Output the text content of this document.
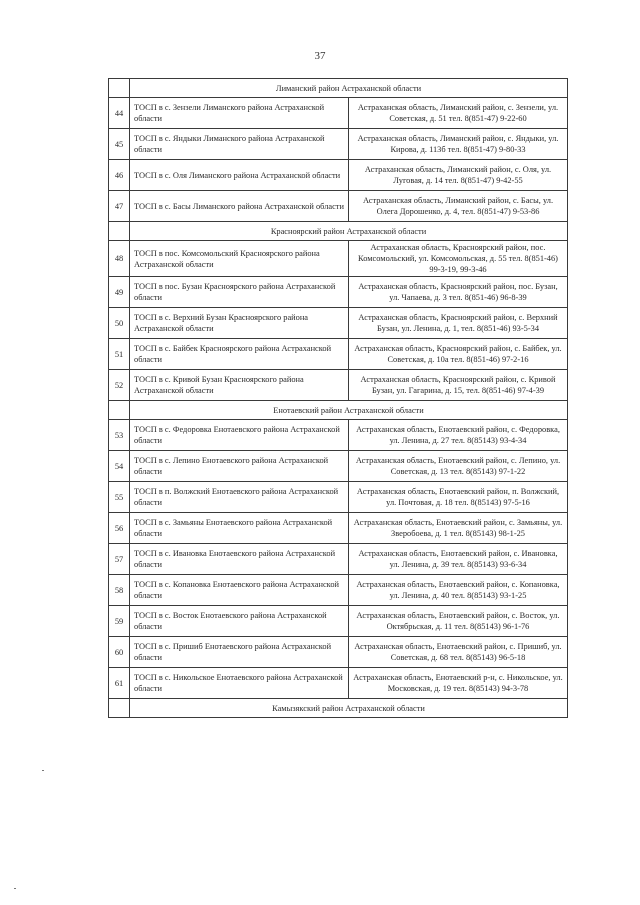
37
	Лиманский район Астраханской области	
44	ТОСП в с. Зензели Лиманского района Астраханской области	Астраханская область, Лиманский район, с. Зензели, ул. Советская, д. 51 тел. 8(851-47) 9-22-60
45	ТОСП в с. Яндыки Лиманского района Астраханской области	Астраханская область, Лиманский район, с. Яндыки, ул. Кирова, д. 113б тел. 8(851-47) 9-80-33
46	ТОСП в с. Оля Лиманского района Астраханской области	Астраханская область, Лиманский район, с. Оля, ул. Луговая, д. 14 тел. 8(851-47) 9-42-55
47	ТОСП в с. Басы Лиманского района Астраханской области	Астраханская область, Лиманский район, с. Басы, ул. Олега Дорошенко, д. 4, тел. 8(851-47) 9-53-86
	Красноярский район Астраханской области	
48	ТОСП в пос. Комсомольский Красноярского района Астраханской области	Астраханская область, Красноярский район, пос. Комсомольский, ул. Комсомольская, д. 55 тел. 8(851-46) 99-3-19, 99-3-46
49	ТОСП в пос. Бузан Красноярского района Астраханской области	Астраханская область, Красноярский район, пос. Бузан, ул. Чапаева, д. 3 тел. 8(851-46) 96-8-39
50	ТОСП в с. Верхний Бузан Красноярского района Астраханской области	Астраханская область, Красноярский район, с. Верхний Бузан, ул. Ленина, д. 1, тел. 8(851-46) 93-5-34
51	ТОСП в с. Байбек Красноярского района Астраханской области	Астраханская область, Красноярский район, с. Байбек, ул. Советская, д. 10а тел. 8(851-46) 97-2-16
52	ТОСП в с. Кривой Бузан Красноярского района Астраханской области	Астраханская область, Красноярский район, с. Кривой Бузан, ул. Гагарина, д. 15, тел. 8(851-46) 97-4-39
	Енотаевский район Астраханской области	
53	ТОСП в с. Федоровка Енотаевского района Астраханской области	Астраханская область, Енотаевский район, с. Федоровка, ул. Ленина, д. 27 тел. 8(85143) 93-4-34
54	ТОСП в с. Лепино Енотаевского района Астраханской области	Астраханская область, Енотаевский район, с. Лепино, ул. Советская, д. 13 тел. 8(85143) 97-1-22
55	ТОСП в п. Волжский Енотаевского района Астраханской области	Астраханская область, Енотаевский район, п. Волжский, ул. Почтовая, д. 18 тел. 8(85143) 97-5-16
56	ТОСП в с. Замьяны Енотаевского района Астраханской области	Астраханская область, Енотаевский район, с. Замьяны, ул. Зверобоева, д. 1 тел. 8(85143) 98-1-25
57	ТОСП в с. Ивановка Енотаевского района Астраханской области	Астраханская область, Енотаевский район, с. Ивановка, ул. Ленина, д. 39 тел. 8(85143) 93-6-34
58	ТОСП в с. Копановка Енотаевского района Астраханской области	Астраханская область, Енотаевский район, с. Копановка, ул. Ленина, д. 40 тел. 8(85143) 93-1-25
59	ТОСП в с. Восток Енотаевского района Астраханской области	Астраханская область, Енотаевский район, с. Восток, ул. Октябрьская, д. 11 тел. 8(85143) 96-1-76
60	ТОСП в с. Пришиб Енотаевского района Астраханской области	Астраханская область, Енотаевский район, с. Пришиб, ул. Советская, д. 68 тел. 8(85143) 96-5-18
61	ТОСП в с. Никольское Енотаевского района Астраханской области	Астраханская область, Енотаевский р-н, с. Никольское, ул. Московская, д. 19 тел. 8(85143) 94-3-78
	Камызякский район Астраханской области	
